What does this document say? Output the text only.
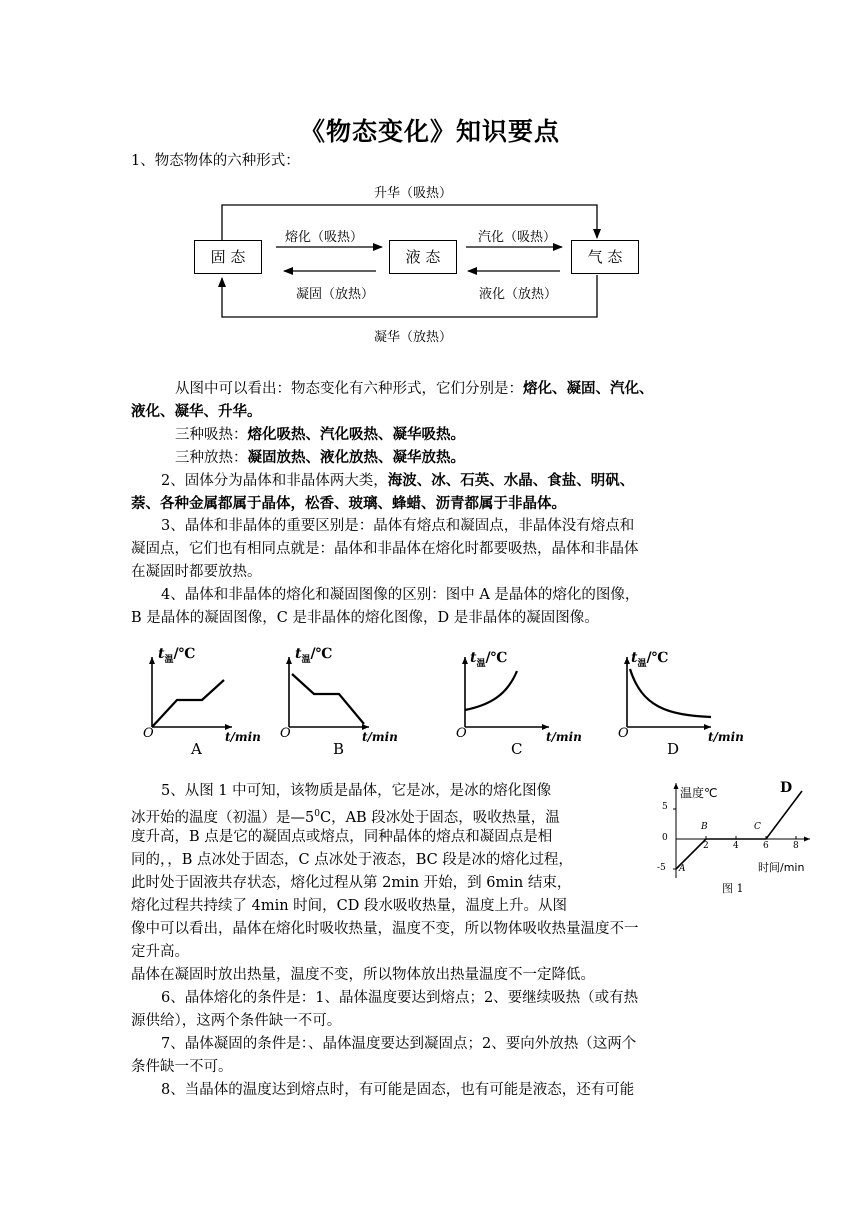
《物态变化》知识要点
1、物态物体的六种形式：
固 态	液 态	气 态
升华（吸热）
熔化（吸热）	汽化（吸热）
凝固（放热）	液化（放热）
凝华（放热）
从图中可以看出：物态变化有六种形式，它们分别是：熔化、凝固、汽化、
液化、凝华、升华。
三种吸热：熔化吸热、汽化吸热、凝华吸热。
三种放热：凝固放热、液化放热、凝华放热。
2、固体分为晶体和非晶体两大类，海波、冰、石英、水晶、食盐、明矾、
萘、各种金属都属于晶体，松香、玻璃、蜂蜡、沥青都属于非晶体。
3、晶体和非晶体的重要区别是：晶体有熔点和凝固点，非晶体没有熔点和
凝固点，它们也有相同点就是：晶体和非晶体在熔化时都要吸热，晶体和非晶体
在凝固时都要放热。
4、晶体和非晶体的熔化和凝固图像的区别：图中 A 是晶体的熔化的图像，
B 是晶体的凝固图像，C 是非晶体的熔化图像，D 是非晶体的凝固图像。
$t_温/℃$
O	t/min
A
$t_温/℃$
O	t/min
B
$t_温/℃$
O	t/min
C
$t_温/℃$
O	t/min
D
5、从图 1 中可知，该物质是晶体，它是冰，是冰的熔化图像
冰开始的温度（初温）是$—5^0C$，AB 段冰处于固态，吸收热量，温
度升高，B 点是它的凝固点或熔点，同种晶体的熔点和凝固点是相
同的，，B 点冰处于固态，C 点冰处于液态，BC 段是冰的熔化过程，
此时处于固液共存状态，熔化过程从第 2min 开始，到 6min 结束，
熔化过程共持续了 4min 时间，CD 段水吸收热量，温度上升。从图
像中可以看出，晶体在熔化时吸收热量，温度不变，所以物体吸收热量温度不一
定升高。
晶体在凝固时放出热量，温度不变，所以物体放出热量温度不一定降低。
温度℃	D
5
0
-5 A
B	C
2	4	6	8
时间/min
图 1
6、晶体熔化的条件是：1、晶体温度要达到熔点；2、要继续吸热（或有热
源供给），这两个条件缺一不可。
7、晶体凝固的条件是：、晶体温度要达到凝固点；2、要向外放热（这两个
条件缺一不可。
8、当晶体的温度达到熔点时，有可能是固态，也有可能是液态，还有可能
